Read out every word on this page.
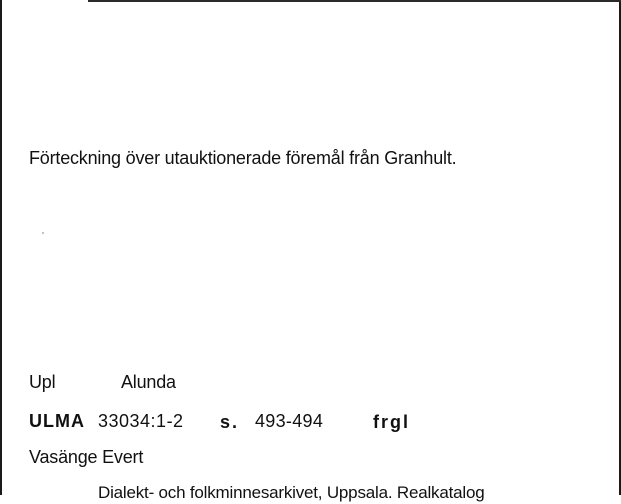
Förteckning över utauktionerade föremål från Granhult.
Upl	Alunda
ULMA 33034:1-2 s. 493-494	frgl
Vasänge Evert
Dialekt- och folkminnesarkivet, Uppsala. Realkatalog
